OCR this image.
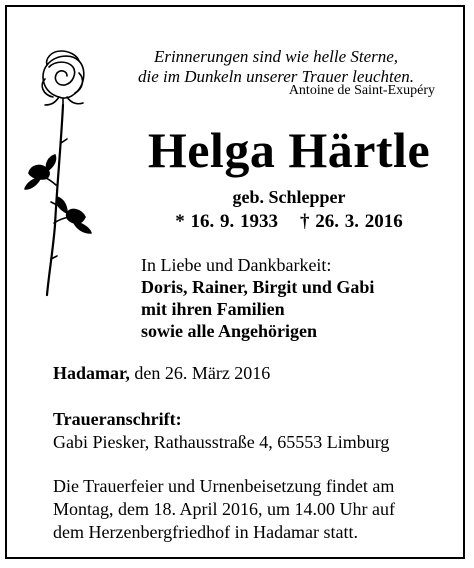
Erinnerungen sind wie helle Sterne,
die im Dunkeln unserer Trauer leuchten.
Antoine de Saint-Exupéry
Helga Härtle
geb. Schlepper
* 16. 9. 1933 † 26. 3. 2016
In Liebe und Dankbarkeit:
Doris, Rainer, Birgit und Gabi
mit ihren Familien
sowie alle Angehörigen
Hadamar, den 26. März 2016
Traueranschrift:
Gabi Piesker, Rathausstraße 4, 65553 Limburg
Die Trauerfeier und Urnenbeisetzung findet am
Montag, dem 18. April 2016, um 14.00 Uhr auf
dem Herzenbergfriedhof in Hadamar statt.
